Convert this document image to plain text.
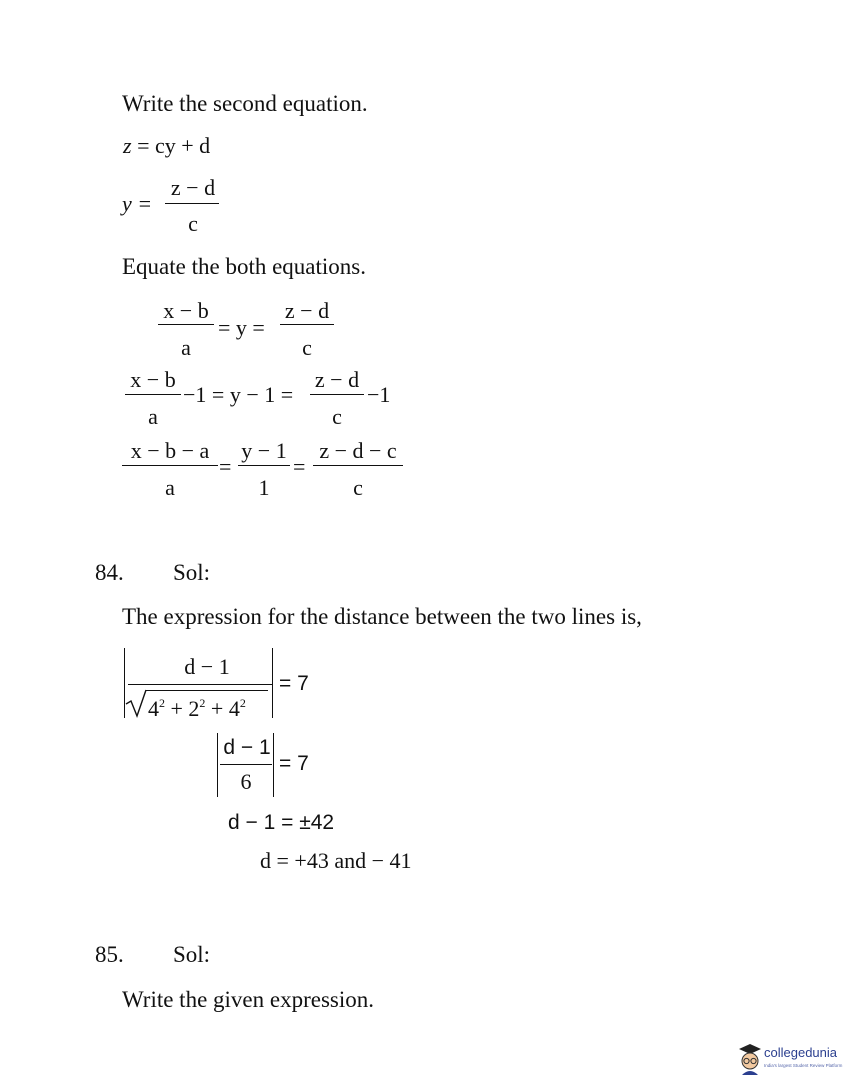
Write the second equation.
z = cy + d
y =
z − d
c
Equate the both equations.
x − b
a
= y =
z − d
c
x − b
a
−1 = y − 1 =
z − d
c
−1
x − b − a
a
=
y − 1
1
=
z − d − c
c
84. Sol:
The expression for the distance between the two lines is,
d − 1
$4^2 + 2^2 + 4^2$
= 7
d − 1
6
= 7
d − 1 = ±42
d = +43 and − 41
85. Sol:
Write the given expression.
collegedunia
India's largest Student Review Platform
